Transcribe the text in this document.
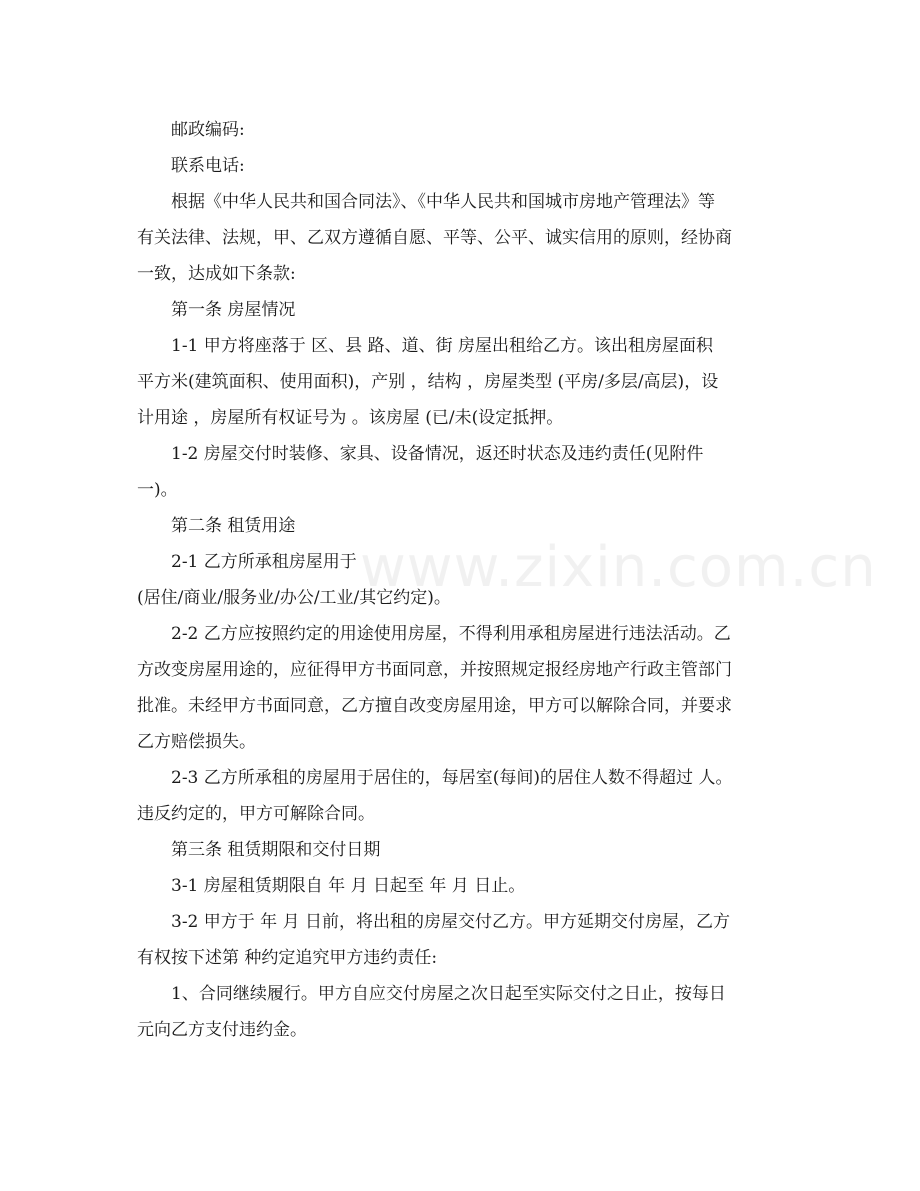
www.zixin.com.cn
邮政编码:
联系电话:
根据《中华人民共和国合同法》、《中华人民共和国城市房地产管理法》等
有关法律、法规，甲、乙双方遵循自愿、平等、公平、诚实信用的原则，经协商
一致，达成如下条款:
第一条 房屋情况
1-1 甲方将座落于 区、县 路、道、街 房屋出租给乙方。该出租房屋面积
平方米(建筑面积、使用面积)，产别 ，结构 ，房屋类型 (平房/多层/高层)，设
计用途 ，房屋所有权证号为 。该房屋 (已/未(设定抵押。
1-2 房屋交付时装修、家具、设备情况，返还时状态及违约责任(见附件
一)。
第二条 租赁用途
2-1 乙方所承租房屋用于
(居住/商业/服务业/办公/工业/其它约定)。
2-2 乙方应按照约定的用途使用房屋，不得利用承租房屋进行违法活动。乙
方改变房屋用途的，应征得甲方书面同意，并按照规定报经房地产行政主管部门
批准。未经甲方书面同意，乙方擅自改变房屋用途，甲方可以解除合同，并要求
乙方赔偿损失。
2-3 乙方所承租的房屋用于居住的，每居室(每间)的居住人数不得超过 人。
违反约定的，甲方可解除合同。
第三条 租赁期限和交付日期
3-1 房屋租赁期限自 年 月 日起至 年 月 日止。
3-2 甲方于 年 月 日前，将出租的房屋交付乙方。甲方延期交付房屋，乙方
有权按下述第 种约定追究甲方违约责任:
1、合同继续履行。甲方自应交付房屋之次日起至实际交付之日止，按每日
元向乙方支付违约金。
